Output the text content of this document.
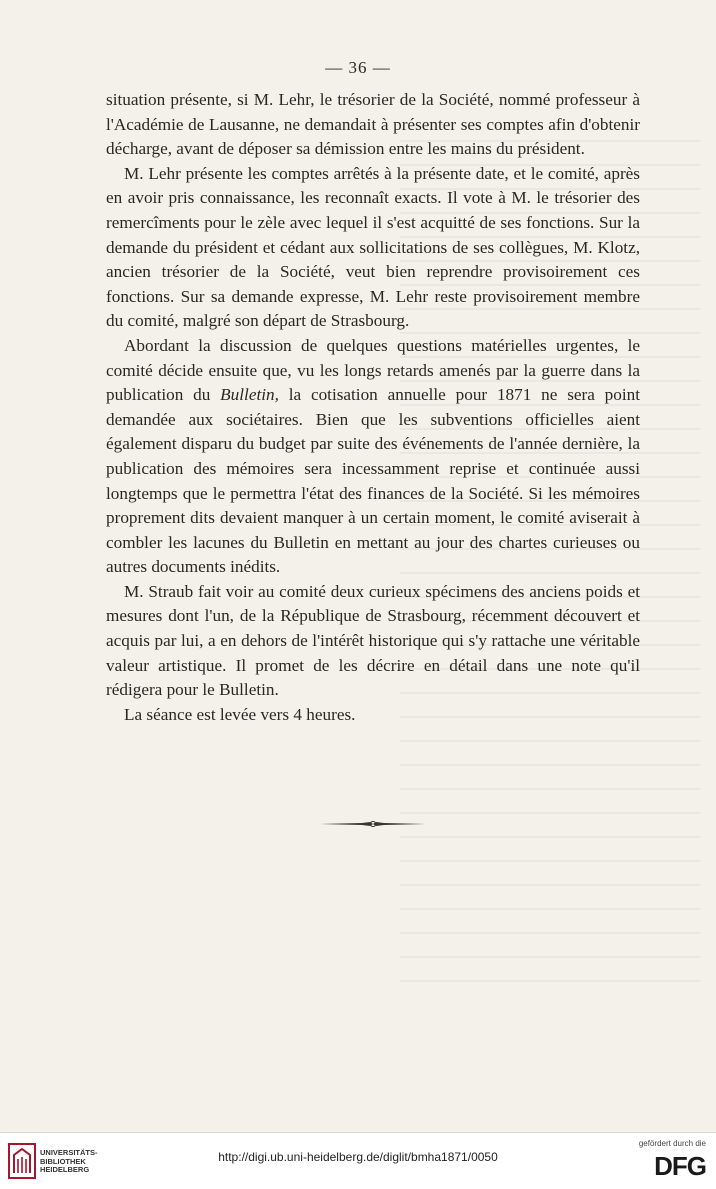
— 36 —

situation présente, si M. Lehr, le trésorier de la Société, nommé professeur à l'Académie de Lausanne, ne demandait à présenter ses comptes afin d'obtenir décharge, avant de déposer sa démission entre les mains du président.

M. Lehr présente les comptes arrêtés à la présente date, et le comité, après en avoir pris connaissance, les reconnaît exacts. Il vote à M. le trésorier des remercîments pour le zèle avec lequel il s'est acquitté de ses fonctions. Sur la demande du président et cédant aux sollicitations de ses collègues, M. Klotz, ancien trésorier de la Société, veut bien reprendre provisoirement ces fonctions. Sur sa demande expresse, M. Lehr reste provisoirement membre du comité, malgré son départ de Strasbourg.

Abordant la discussion de quelques questions matérielles urgentes, le comité décide ensuite que, vu les longs retards amenés par la guerre dans la publication du Bulletin, la cotisation annuelle pour 1871 ne sera point demandée aux sociétaires. Bien que les subventions officielles aient également disparu du budget par suite des événements de l'année dernière, la publication des mémoires sera incessamment reprise et continuée aussi longtemps que le permettra l'état des finances de la Société. Si les mémoires proprement dits devaient manquer à un certain moment, le comité aviserait à combler les lacunes du Bulletin en mettant au jour des chartes curieuses ou autres documents inédits.

M. Straub fait voir au comité deux curieux spécimens des anciens poids et mesures dont l'un, de la République de Strasbourg, récemment découvert et acquis par lui, a en dehors de l'intérêt historique qui s'y rattache une véritable valeur artistique. Il promet de les décrire en détail dans une note qu'il rédigera pour le Bulletin.

La séance est levée vers 4 heures.

UNIVERSITÄTS-
BIBLIOTHEK
HEIDELBERG
http://digi.ub.uni-heidelberg.de/diglit/bmha1871/0050
gefördert durch die
DFG
